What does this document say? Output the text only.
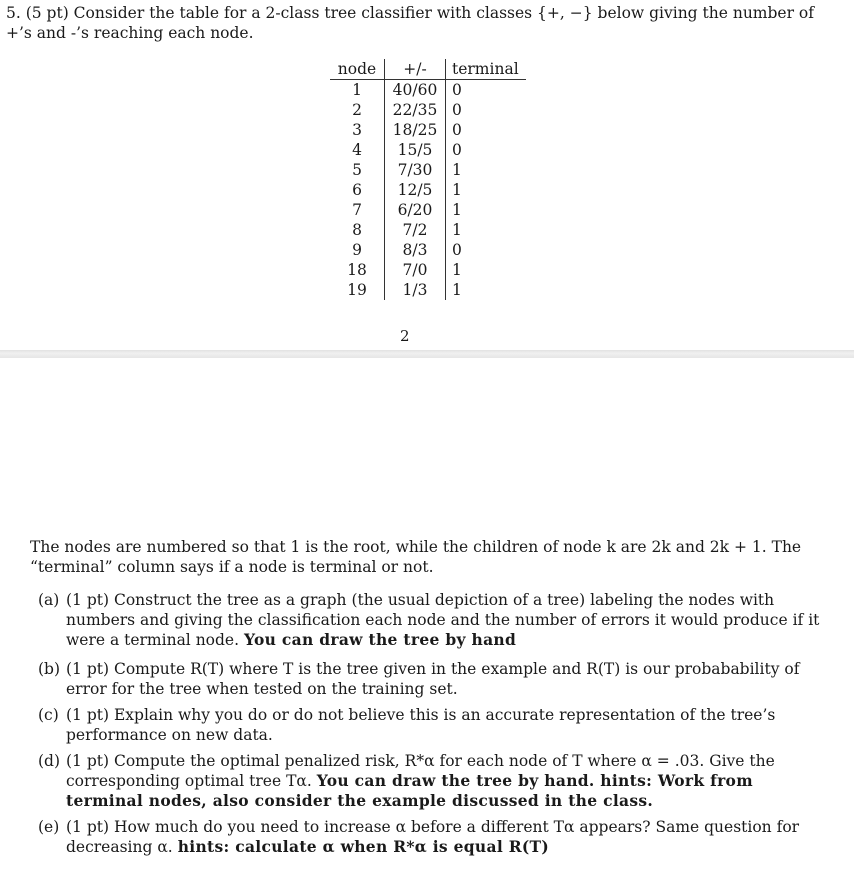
5. (5 pt) Consider the table for a 2-class tree classifier with classes {+, −} below giving the number of +’s and -’s reaching each node.

node	+/-	terminal
1	40/60	0
2	22/35	0
3	18/25	0
4	15/5	0
5	7/30	1
6	12/5	1
7	6/20	1
8	7/2	1
9	8/3	0
18	7/0	1
19	1/3	1
2

The nodes are numbered so that 1 is the root, while the children of node k are 2k and 2k + 1. The “terminal” column says if a node is terminal or not.

(a) (1 pt) Construct the tree as a graph (the usual depiction of a tree) labeling the nodes with numbers and giving the classification each node and the number of errors it would produce if it were a terminal node. You can draw the tree by hand
(b) (1 pt) Compute R(T) where T is the tree given in the example and R(T) is our probabability of error for the tree when tested on the training set.
(c) (1 pt) Explain why you do or do not believe this is an accurate representation of the tree’s performance on new data.
(d) (1 pt) Compute the optimal penalized risk, R*α for each node of T where α = .03. Give the corresponding optimal tree Tα. You can draw the tree by hand. hints: Work from terminal nodes, also consider the example discussed in the class.
(e) (1 pt) How much do you need to increase α before a different Tα appears? Same question for decreasing α. hints: calculate α when R*α is equal R(T)
